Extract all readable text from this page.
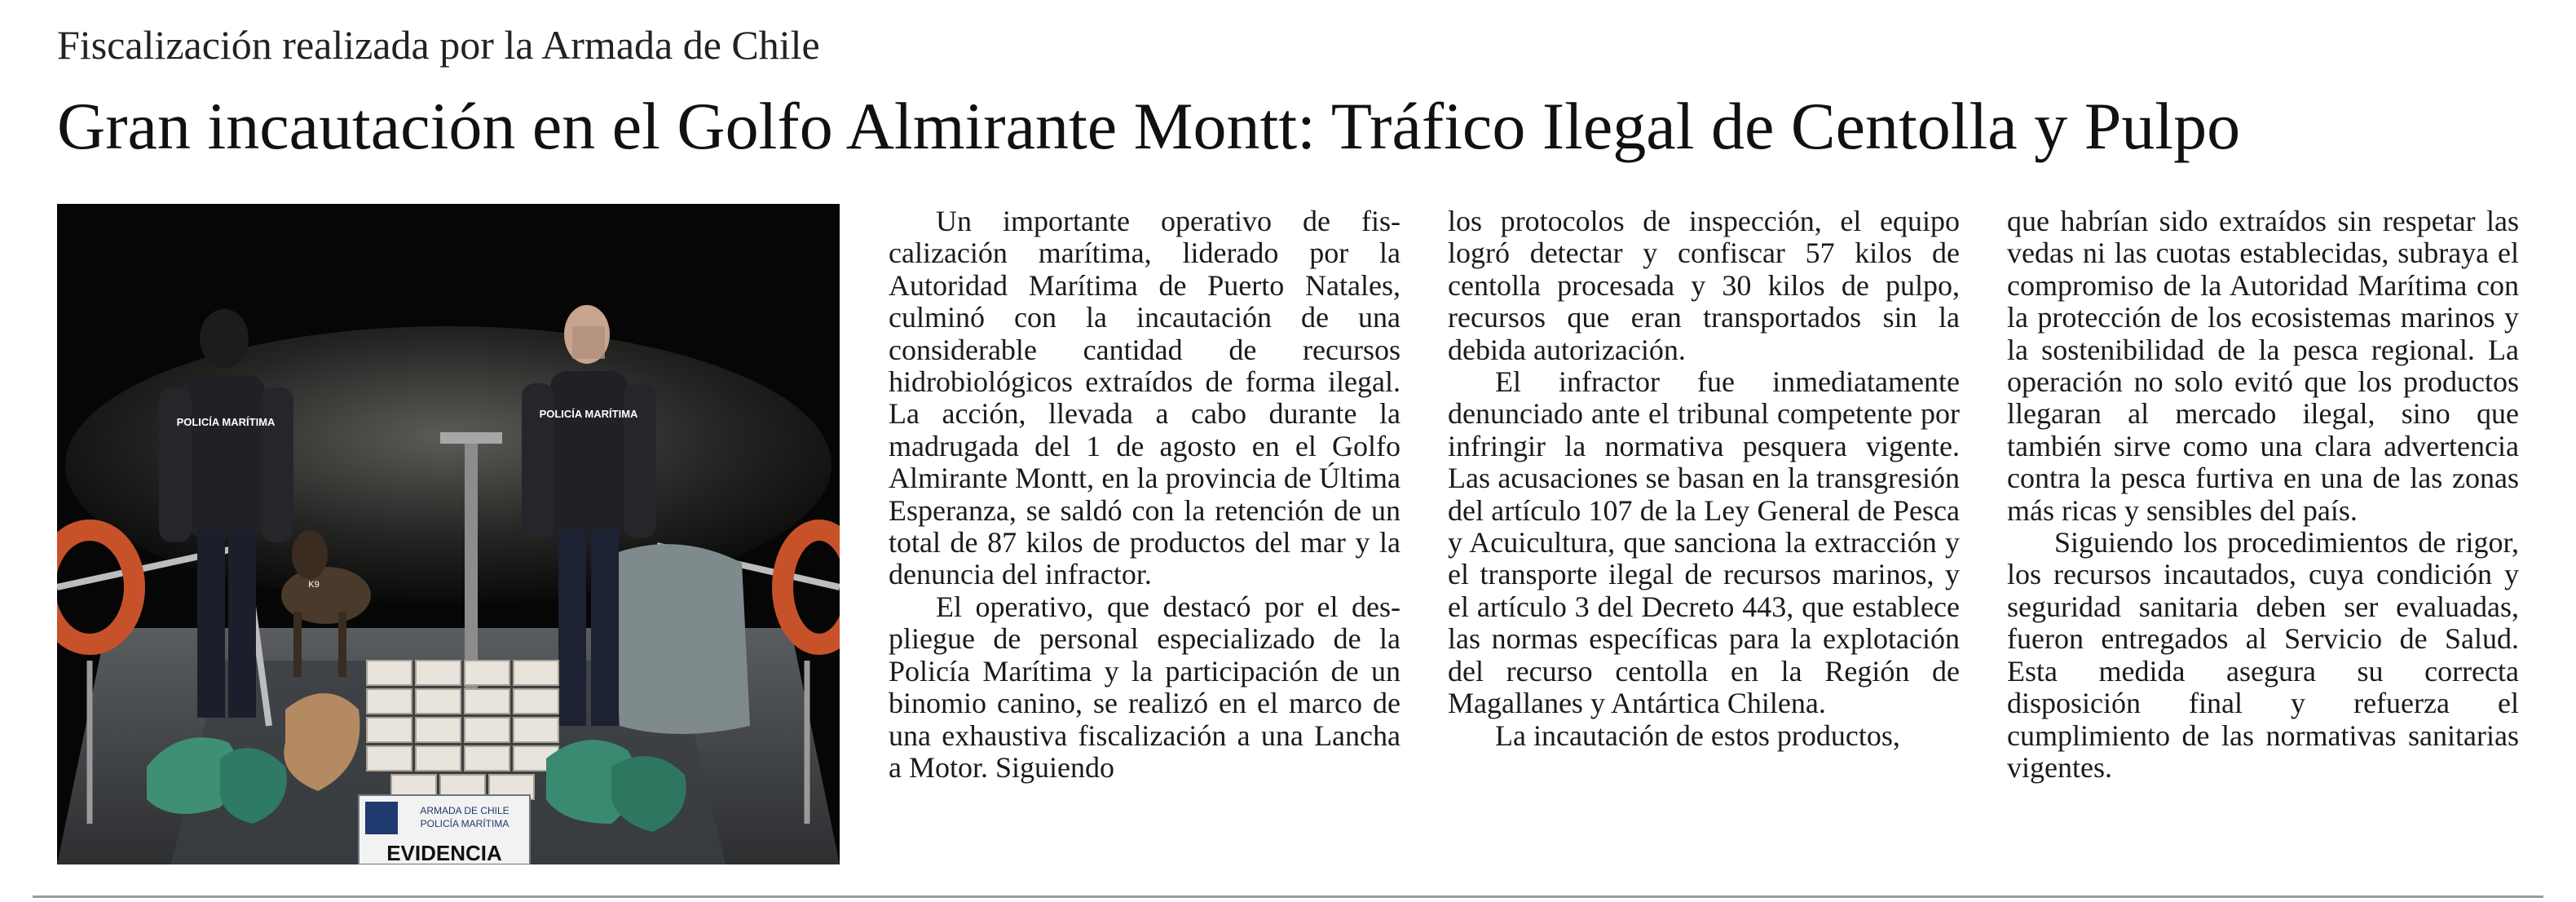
Fiscalización realizada por la Armada de Chile
Gran incautación en el Golfo Almirante Montt: Tráfico Ilegal de Centolla y Pulpo
POLICÍA MARÍTIMA
POLICÍA MARÍTIMA
K9
ARMADA DE CHILE
POLICÍA MARÍTIMA
EVIDENCIA

Un importante operativo de fiscalización marítima, liderado por la Autoridad Marítima de Puerto Natales, culminó con la incautación de una considerable cantidad de recursos hidrobiológicos extraídos de forma ilegal. La acción, llevada a cabo durante la madrugada del 1 de agosto en el Golfo Almirante Montt, en la provincia de Última Esperanza, se saldó con la retención de un total de 87 kilos de productos del mar y la denuncia del infractor.

El operativo, que destacó por el despliegue de personal especializado de la Policía Marítima y la participación de un binomio canino, se realizó en el marco de una exhaustiva fiscalización a una Lancha a Motor. Siguiendo

los protocolos de inspección, el equipo logró detectar y confiscar 57 kilos de centolla procesada y 30 kilos de pulpo, recursos que eran transportados sin la debida autorización.

El infractor fue inmediatamente denunciado ante el tribunal competente por infringir la normativa pesquera vigente. Las acusaciones se basan en la transgresión del artículo 107 de la Ley General de Pesca y Acuicultura, que sanciona la extracción y el transporte ilegal de recursos marinos, y el artículo 3 del Decreto 443, que establece las normas específicas para la explotación del recurso centolla en la Región de Magallanes y Antártica Chilena.

La incautación de estos productos,

que habrían sido extraídos sin respetar las vedas ni las cuotas establecidas, subraya el compromiso de la Autoridad Marítima con la protección de los ecosistemas marinos y la sostenibilidad de la pesca regional. La operación no solo evitó que los productos llegaran al mercado ilegal, sino que también sirve como una clara advertencia contra la pesca furtiva en una de las zonas más ricas y sensibles del país.

Siguiendo los procedimientos de rigor, los recursos incautados, cuya condición y seguridad sanitaria deben ser evaluadas, fueron entregados al Servicio de Salud. Esta medida asegura su correcta disposición final y refuerza el cumplimiento de las normativas sanitarias vigentes.
